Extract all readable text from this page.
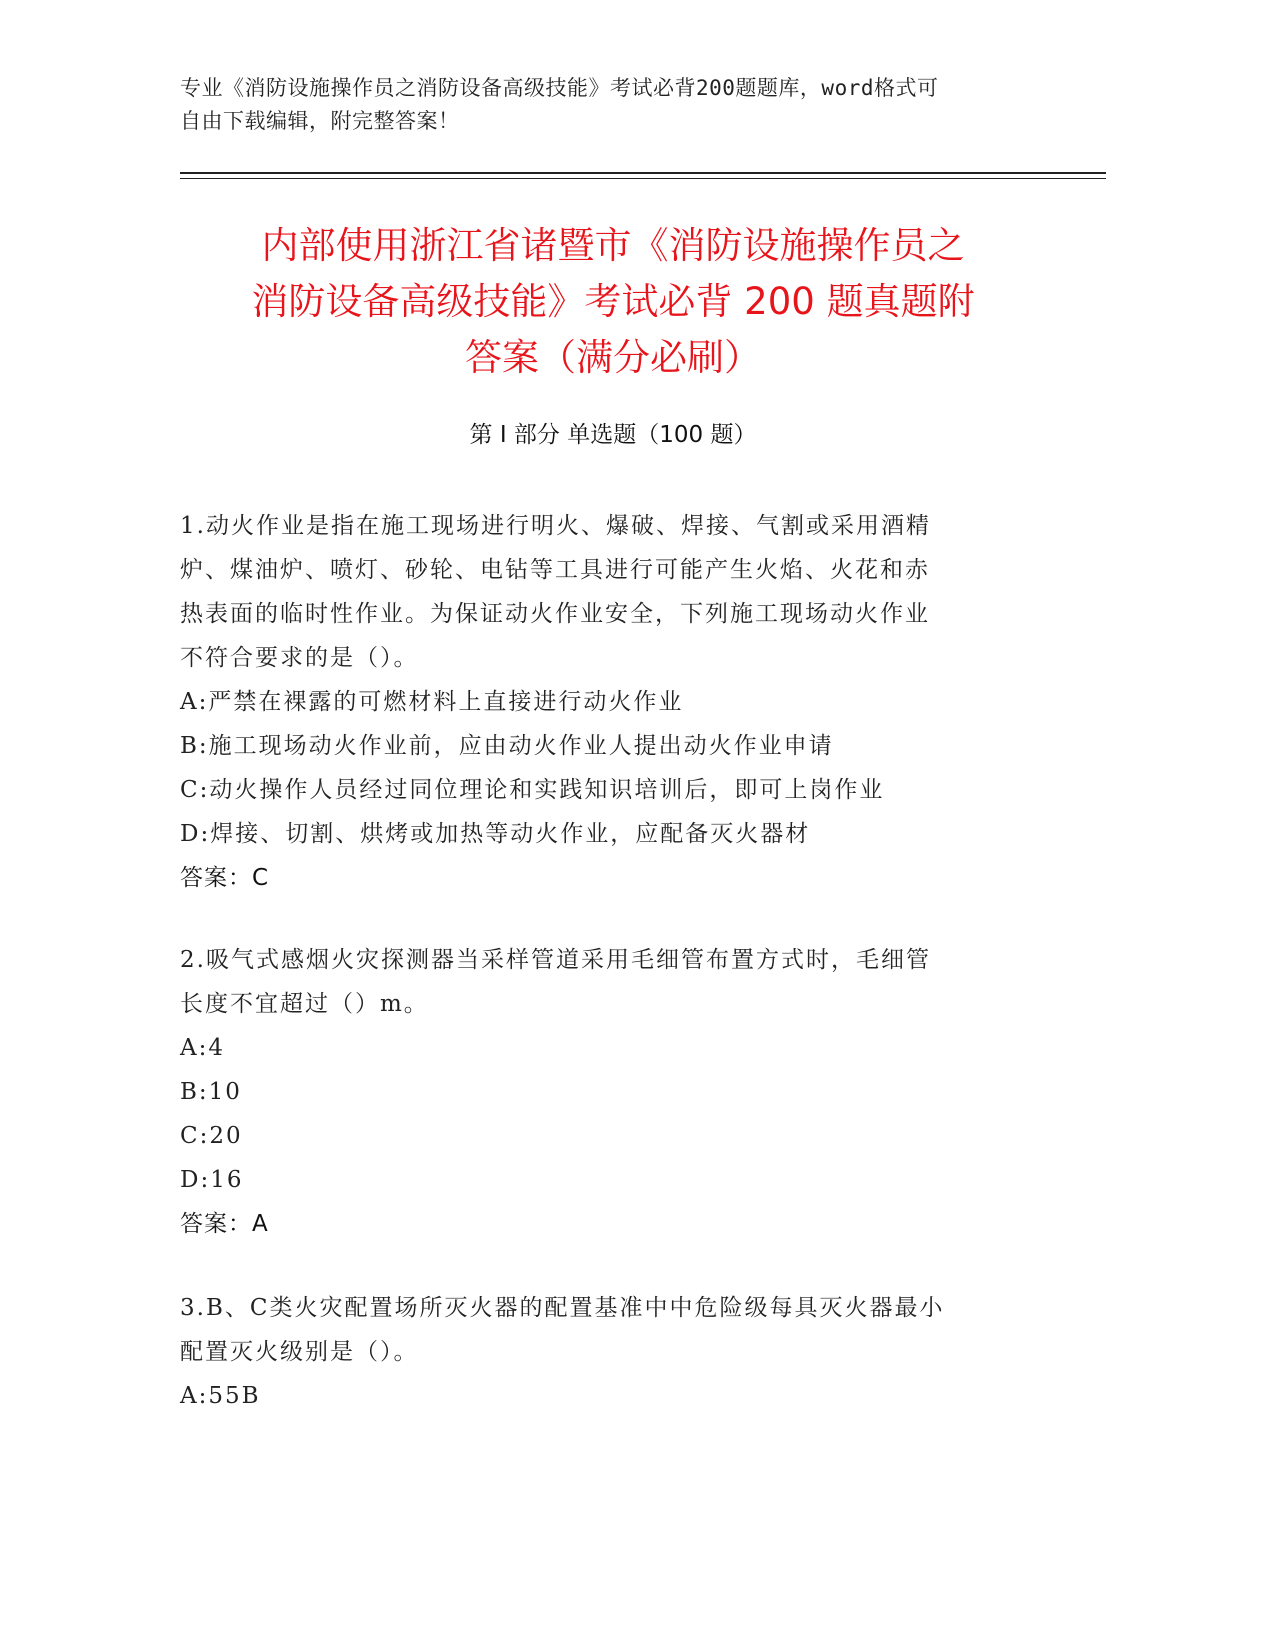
专业《消防设施操作员之消防设备高级技能》考试必背200题题库，word格式可
自由下载编辑，附完整答案！
内部使用浙江省诸暨市《消防设施操作员之
消防设备高级技能》考试必背 200 题真题附
答案（满分必刷）
第 I 部分 单选题（100 题）

1.动火作业是指在施工现场进行明火、爆破、焊接、气割或采用酒精

炉、煤油炉、喷灯、砂轮、电钻等工具进行可能产生火焰、火花和赤

热表面的临时性作业。为保证动火作业安全，下列施工现场动火作业

不符合要求的是（）。

A:严禁在裸露的可燃材料上直接进行动火作业

B:施工现场动火作业前，应由动火作业人提出动火作业申请

C:动火操作人员经过同位理论和实践知识培训后，即可上岗作业

D:焊接、切割、烘烤或加热等动火作业，应配备灭火器材

答案：C

2.吸气式感烟火灾探测器当采样管道采用毛细管布置方式时，毛细管

长度不宜超过（）m。

A:4

B:10

C:20

D:16

答案：A

3.B、C类火灾配置场所灭火器的配置基准中中危险级每具灭火器最小

配置灭火级别是（）。

A:55B
